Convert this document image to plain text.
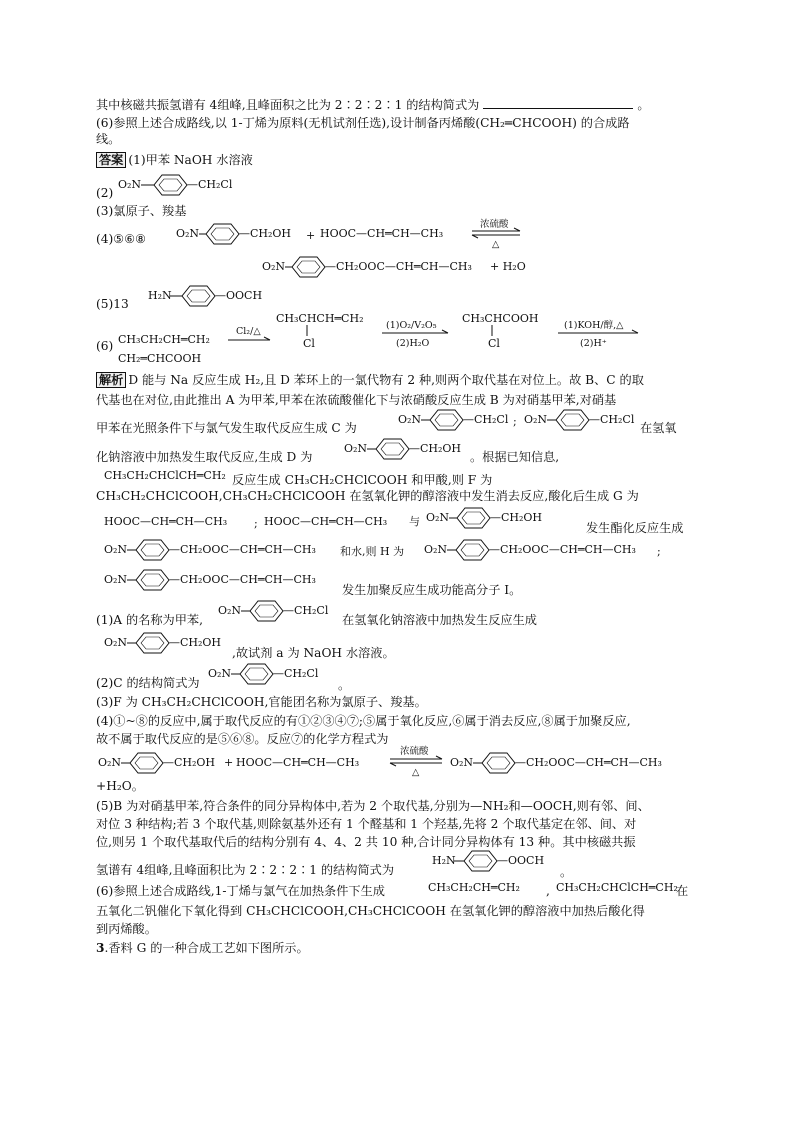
其中核磁共振氢谱有 4组峰,且峰面积之比为 2∶2∶2∶1 的结构简式为	。
(6)参照上述合成路线,以 1-丁烯为原料(无机试剂任选),设计制备丙烯酸(CH₂═CHCOOH) 的合成路
线。
答案 (1)甲苯 NaOH 水溶液
(2)
O₂N	—CH₂Cl
(3)氯原子、羧基
(4)⑤⑥⑧	O₂N	—CH₂OH + HOOC—CH═CH—CH₃
浓硫酸
△
O₂N	—CH₂OOC—CH═CH—CH₃ + H₂O
(5)13
H₂N	—OOCH
(6) CH₃CH₂CH═CH₂
Cl₂/△
CH₃CHCH═CH₂
Cl
(1)O₂/V₂O₅
(2)H₂O
CH₃CHCOOH
Cl
(1)KOH/醇,△
(2)H⁺
CH₂═CHCOOH
解析 D 能与 Na 反应生成 H₂,且 D 苯环上的一氯代物有 2 种,则两个取代基在对位上。故 B、C 的取
代基也在对位,由此推出 A 为甲苯,甲苯在浓硫酸催化下与浓硝酸反应生成 B 为对硝基甲苯,对硝基
甲苯在光照条件下与氯气发生取代反应生成 C 为
O₂N	—CH₂Cl ; O₂N	—CH₂Cl
在氢氧
化钠溶液中加热发生取代反应,生成 D 为
O₂N	—CH₂OH
。根据已知信息,
CH₃CH₂CHClCH═CH₂ 反应生成 CH₃CH₂CHClCOOH 和甲酸,则 F 为
CH₃CH₂CHClCOOH,CH₃CH₂CHClCOOH 在氢氧化钾的醇溶液中发生消去反应,酸化后生成 G 为
HOOC—CH═CH—CH₃ ; HOOC—CH═CH—CH₃ 与 O₂N	—CH₂OH
发生酯化反应生成
O₂N	—CH₂OOC—CH═CH—CH₃ 和水,则 H 为 O₂N	—CH₂OOC—CH═CH—CH₃ ;
O₂N	—CH₂OOC—CH═CH—CH₃
发生加聚反应生成功能高分子 I。
(1)A 的名称为甲苯,
O₂N	—CH₂Cl
在氢氧化钠溶液中加热发生反应生成
O₂N	—CH₂OH
,故试剂 a 为 NaOH 水溶液。
(2)C 的结构简式为
O₂N	—CH₂Cl
。
(3)F 为 CH₃CH₂CHClCOOH,官能团名称为氯原子、羧基。
(4)①~⑧的反应中,属于取代反应的有①②③④⑦;⑤属于氧化反应,⑥属于消去反应,⑧属于加聚反应,
故不属于取代反应的是⑤⑥⑧。反应⑦的化学方程式为
O₂N	—CH₂OH + HOOC—CH═CH—CH₃
浓硫酸
△
O₂N	—CH₂OOC—CH═CH—CH₃
+H₂O。
(5)B 为对硝基甲苯,符合条件的同分异构体中,若为 2 个取代基,分别为—NH₂和—OOCH,则有邻、间、
对位 3 种结构;若 3 个取代基,则除氨基外还有 1 个醛基和 1 个羟基,先将 2 个取代基定在邻、间、对
位,则另 1 个取代基取代后的结构分别有 4、4、2 共 10 种,合计同分异构体有 13 种。其中核磁共振
氢谱有 4组峰,且峰面积比为 2∶2∶2∶1 的结构简式为
H₂N	—OOCH
。
(6)参照上述合成路线,1-丁烯与氯气在加热条件下生成	CH₃CH₂CH═CH₂ , CH₃CH₂CHClCH═CH₂
在
五氧化二钒催化下氧化得到 CH₃CHClCOOH,CH₃CHClCOOH 在氢氧化钾的醇溶液中加热后酸化得
到丙烯酸。
3.香料 G 的一种合成工艺如下图所示。
